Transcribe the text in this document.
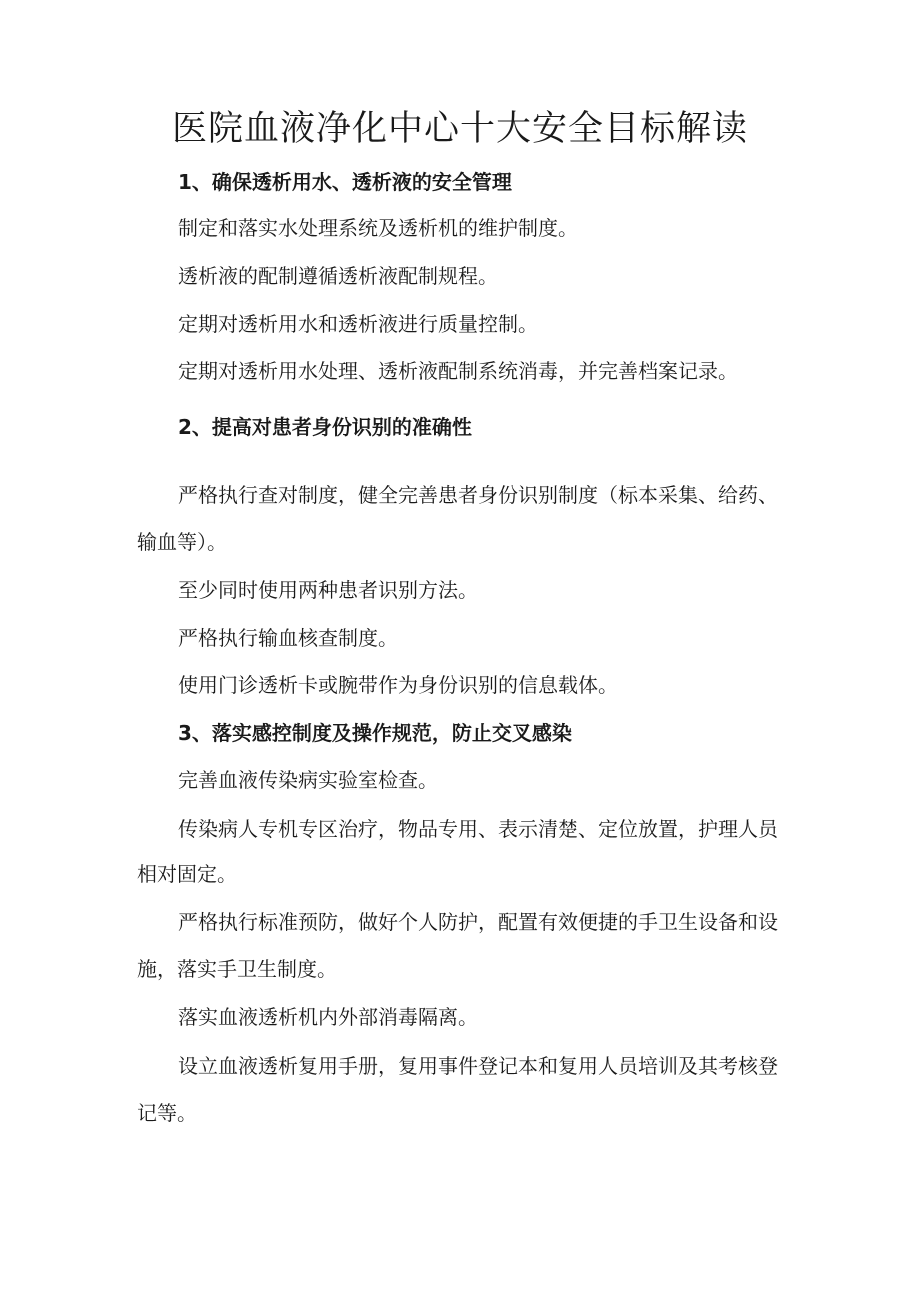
医院血液净化中心十大安全目标解读
1、确保透析用水、透析液的安全管理

制定和落实水处理系统及透析机的维护制度。

透析液的配制遵循透析液配制规程。

定期对透析用水和透析液进行质量控制。

定期对透析用水处理、透析液配制系统消毒，并完善档案记录。

2、提高对患者身份识别的准确性

严格执行查对制度，健全完善患者身份识别制度（标本采集、给药、

输血等）。

至少同时使用两种患者识别方法。

严格执行输血核查制度。

使用门诊透析卡或腕带作为身份识别的信息载体。

3、落实感控制度及操作规范，防止交叉感染

完善血液传染病实验室检查。

传染病人专机专区治疗，物品专用、表示清楚、定位放置，护理人员

相对固定。

严格执行标准预防，做好个人防护，配置有效便捷的手卫生设备和设

施，落实手卫生制度。

落实血液透析机内外部消毒隔离。

设立血液透析复用手册，复用事件登记本和复用人员培训及其考核登

记等。
